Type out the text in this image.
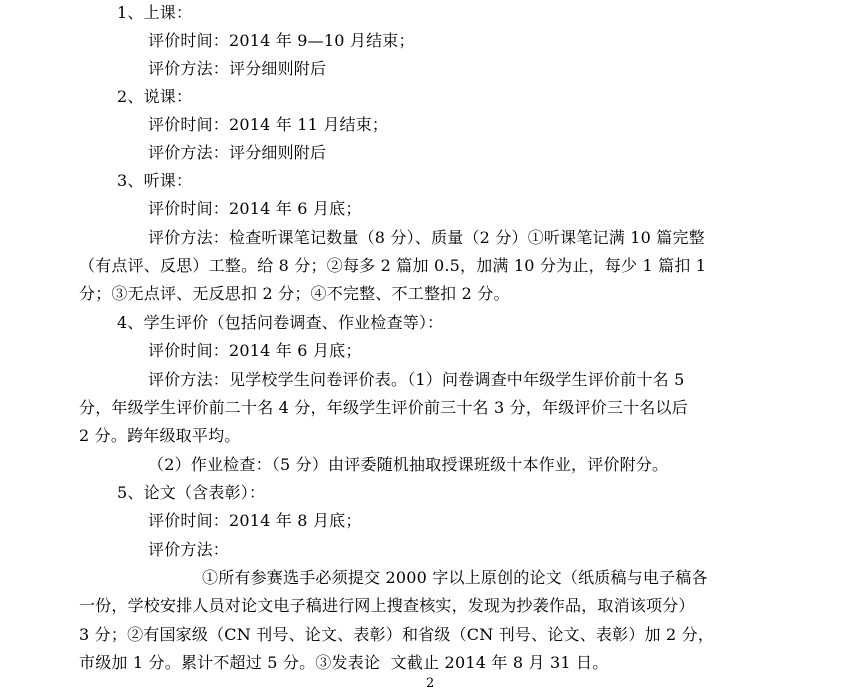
1、上课：
评价时间：2014 年 9—10 月结束；
评价方法：评分细则附后
2、说课：
评价时间：2014 年 11 月结束；
评价方法：评分细则附后
3、听课：
评价时间：2014 年 6 月底；
评价方法：检查听课笔记数量（8 分）、质量（2 分）①听课笔记满 10 篇完整
（有点评、反思）工整。给 8 分；②每多 2 篇加 0.5，加满 10 分为止，每少 1 篇扣 1
分；③无点评、无反思扣 2 分；④不完整、不工整扣 2 分。
4、学生评价（包括问卷调查、作业检查等）：
评价时间：2014 年 6 月底；
评价方法：见学校学生问卷评价表。（1）问卷调查中年级学生评价前十名 5
分，年级学生评价前二十名 4 分，年级学生评价前三十名 3 分，年级评价三十名以后
2 分。跨年级取平均。
（2）作业检查：（5 分）由评委随机抽取授课班级十本作业，评价附分。
5、论文（含表彰）：
评价时间：2014 年 8 月底；
评价方法：
①所有参赛选手必须提交 2000 字以上原创的论文（纸质稿与电子稿各
一份，学校安排人员对论文电子稿进行网上搜查核实，发现为抄袭作品，取消该项分）
3 分；②有国家级（CN 刊号、论文、表彰）和省级（CN 刊号、论文、表彰）加 2 分，
市级加 1 分。累计不超过 5 分。③发表论  文截止 2014 年 8 月 31 日。
2
